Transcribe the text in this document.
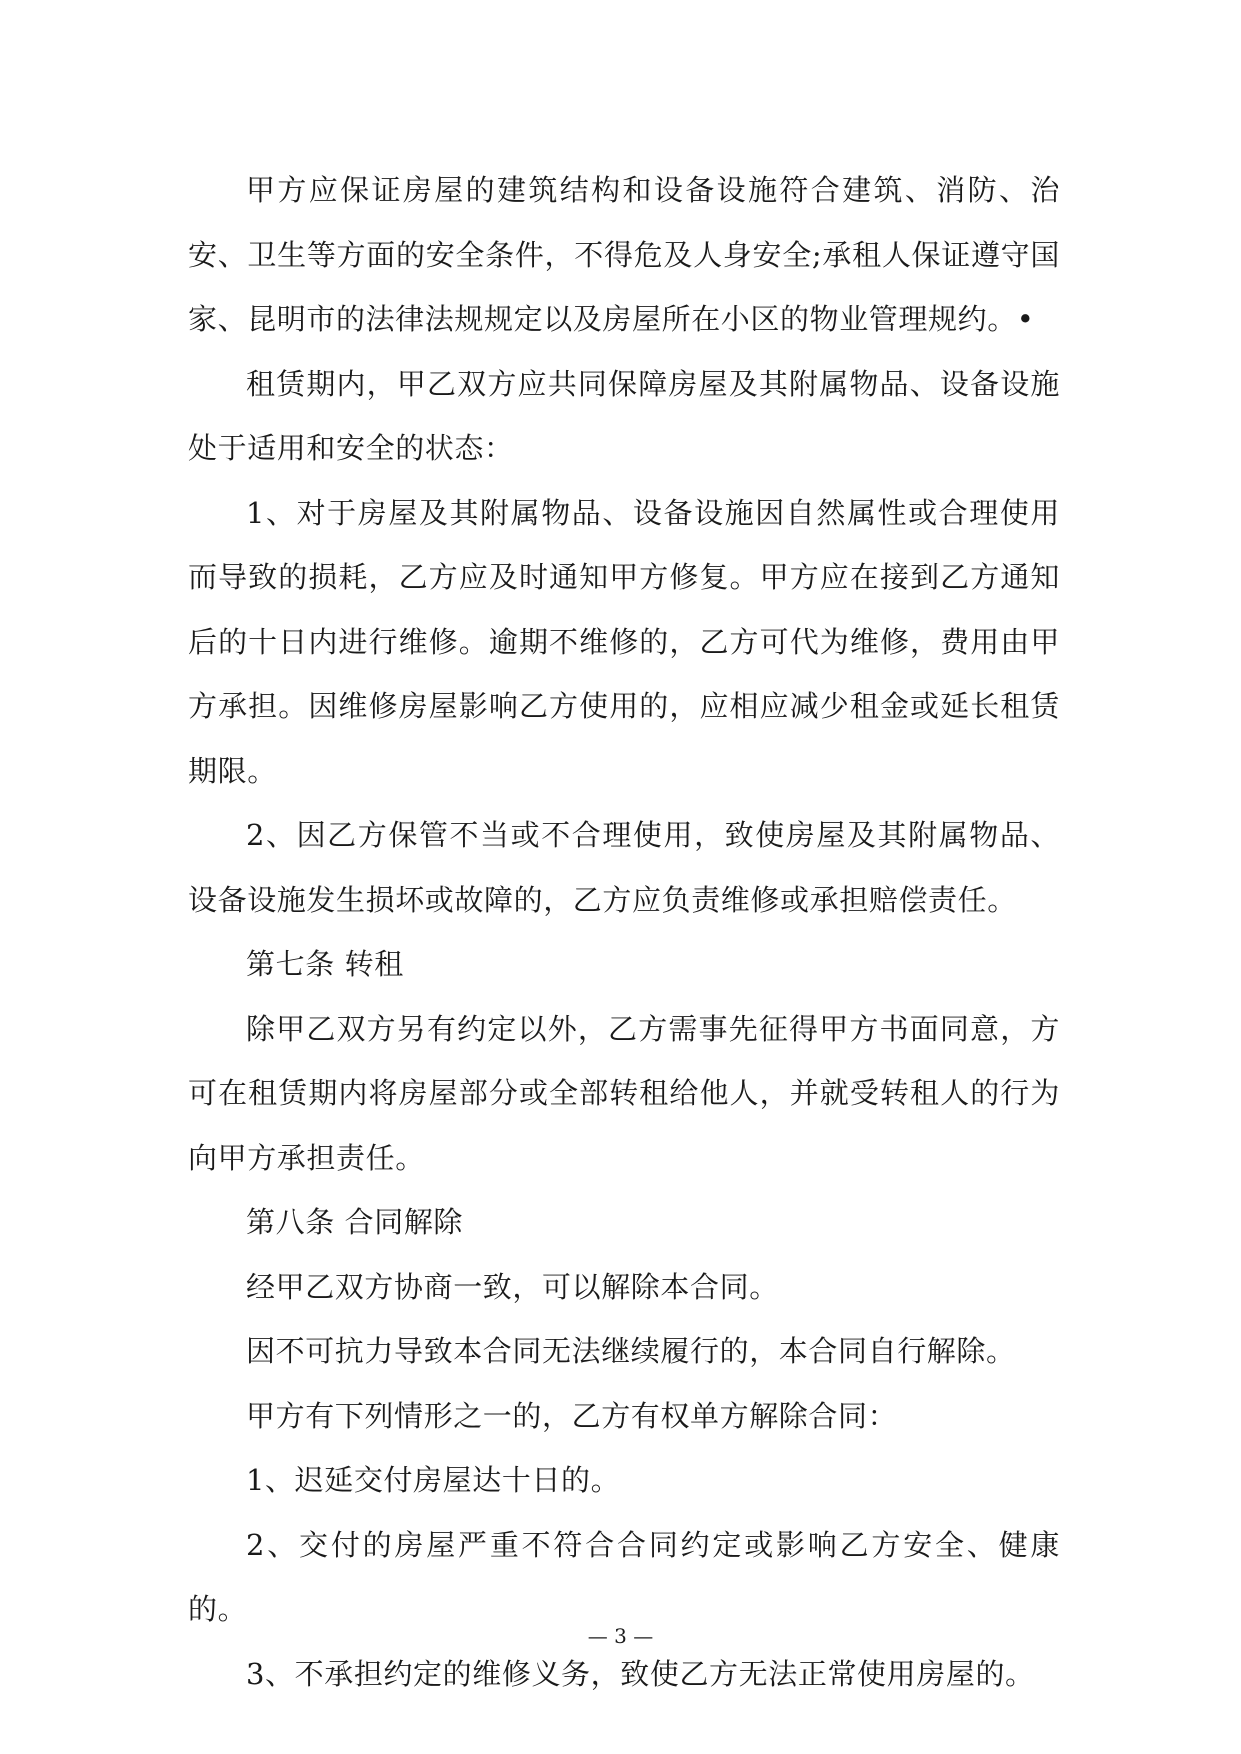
甲方应保证房屋的建筑结构和设备设施符合建筑、消防、治安、卫生等方面的安全条件，不得危及人身安全;承租人保证遵守国家、昆明市的法律法规规定以及房屋所在小区的物业管理规约。•

租赁期内，甲乙双方应共同保障房屋及其附属物品、设备设施处于适用和安全的状态：

1、对于房屋及其附属物品、设备设施因自然属性或合理使用而导致的损耗，乙方应及时通知甲方修复。甲方应在接到乙方通知后的十日内进行维修。逾期不维修的，乙方可代为维修，费用由甲方承担。因维修房屋影响乙方使用的，应相应减少租金或延长租赁期限。

2、因乙方保管不当或不合理使用，致使房屋及其附属物品、设备设施发生损坏或故障的，乙方应负责维修或承担赔偿责任。

第七条 转租

除甲乙双方另有约定以外，乙方需事先征得甲方书面同意，方可在租赁期内将房屋部分或全部转租给他人，并就受转租人的行为向甲方承担责任。

第八条 合同解除

经甲乙双方协商一致，可以解除本合同。

因不可抗力导致本合同无法继续履行的，本合同自行解除。

甲方有下列情形之一的，乙方有权单方解除合同：

1、迟延交付房屋达十日的。

2、交付的房屋严重不符合合同约定或影响乙方安全、健康的。

3、不承担约定的维修义务，致使乙方无法正常使用房屋的。

— 3 —
